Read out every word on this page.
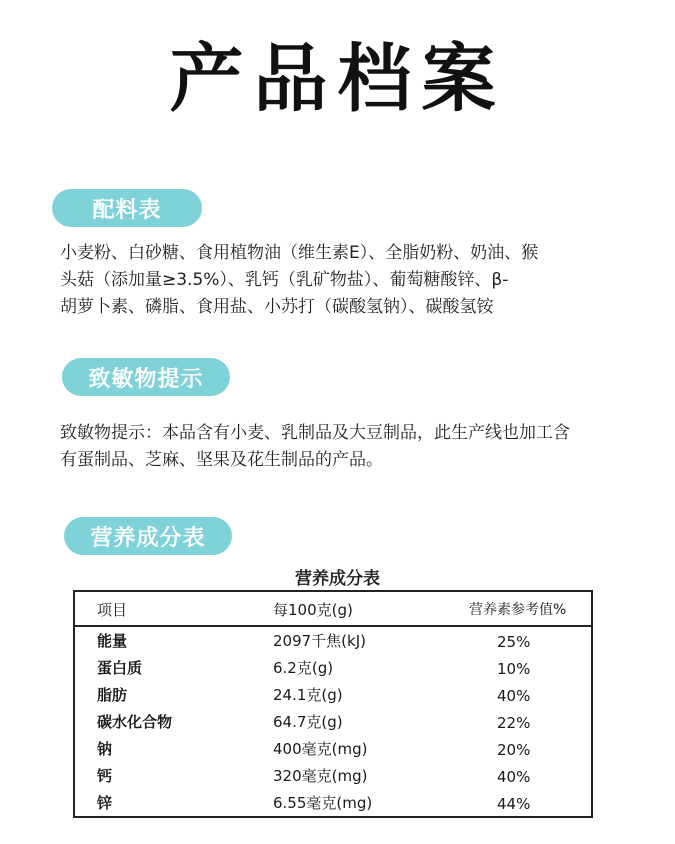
产品档案
配料表
小麦粉、白砂糖、食用植物油（维生素E）、全脂奶粉、奶油、猴
头菇（添加量≥3.5%）、乳钙（乳矿物盐）、葡萄糖酸锌、β-
胡萝卜素、磷脂、食用盐、小苏打（碳酸氢钠）、碳酸氢铵
致敏物提示
致敏物提示：本品含有小麦、乳制品及大豆制品，此生产线也加工含
有蛋制品、芝麻、坚果及花生制品的产品。
营养成分表
营养成分表
项目	每100克(g)	营养素参考值%
能量	2097千焦(kJ)	25%
蛋白质	6.2克(g)	10%
脂肪	24.1克(g)	40%
碳水化合物	64.7克(g)	22%
钠	400毫克(mg)	20%
钙	320毫克(mg)	40%
锌	6.55毫克(mg)	44%
